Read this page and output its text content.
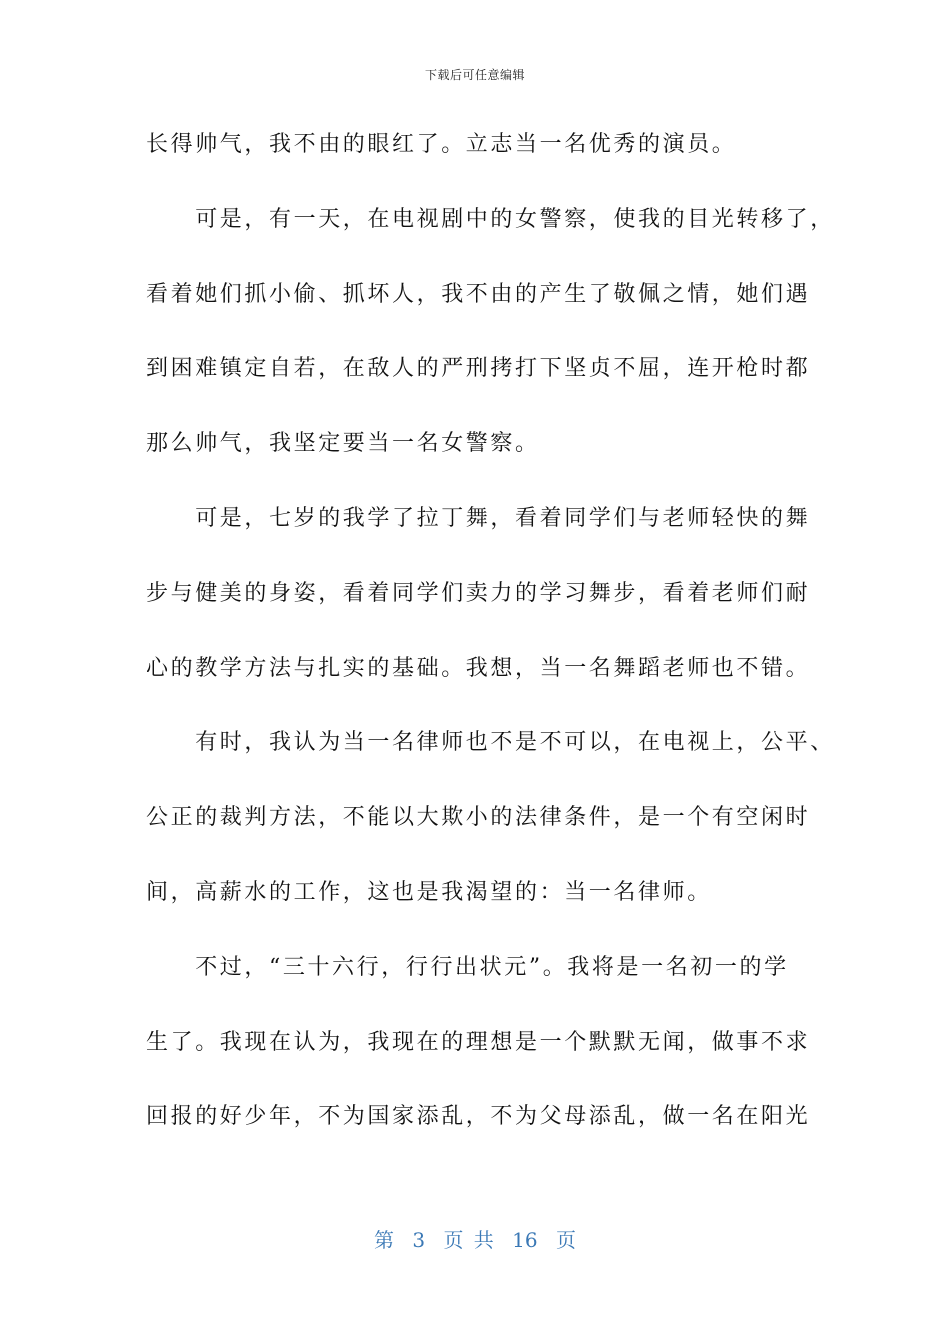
下载后可任意编辑
长得帅气，我不由的眼红了。立志当一名优秀的演员。
　　可是，有一天，在电视剧中的女警察，使我的目光转移了，
看着她们抓小偷、抓坏人，我不由的产生了敬佩之情，她们遇
到困难镇定自若，在敌人的严刑拷打下坚贞不屈，连开枪时都
那么帅气，我坚定要当一名女警察。
　　可是，七岁的我学了拉丁舞，看着同学们与老师轻快的舞
步与健美的身姿，看着同学们卖力的学习舞步，看着老师们耐
心的教学方法与扎实的基础。我想，当一名舞蹈老师也不错。
　　有时，我认为当一名律师也不是不可以，在电视上，公平、
公正的裁判方法，不能以大欺小的法律条件，是一个有空闲时
间，高薪水的工作，这也是我渴望的：当一名律师。
　　不过，“三十六行，行行出状元”。我将是一名初一的学
生了。我现在认为，我现在的理想是一个默默无闻，做事不求
回报的好少年，不为国家添乱，不为父母添乱，做一名在阳光
第 3 页 共 16 页
